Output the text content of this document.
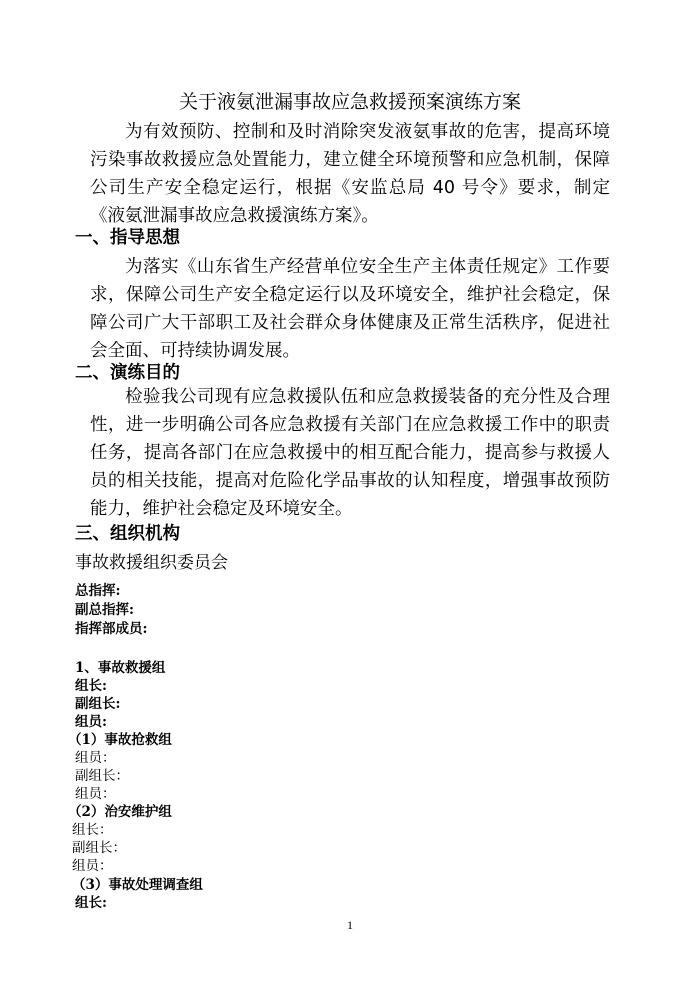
关于液氨泄漏事故应急救援预案演练方案

为有效预防、控制和及时消除突发液氨事故的危害，提高环境污染事故救援应急处置能力，建立健全环境预警和应急机制，保障公司生产安全稳定运行，根据《安监总局 40 号令》要求，制定《液氨泄漏事故应急救援演练方案》。

一、指导思想

为落实《山东省生产经营单位安全生产主体责任规定》工作要求，保障公司生产安全稳定运行以及环境安全，维护社会稳定，保障公司广大干部职工及社会群众身体健康及正常生活秩序，促进社会全面、可持续协调发展。

二、演练目的

检验我公司现有应急救援队伍和应急救援装备的充分性及合理性，进一步明确公司各应急救援有关部门在应急救援工作中的职责任务，提高各部门在应急救援中的相互配合能力，提高参与救援人员的相关技能，提高对危险化学品事故的认知程度，增强事故预防能力，维护社会稳定及环境安全。

三、组织机构
事故救援组织委员会
总指挥:
副总指挥:
指挥部成员:
1、事故救援组
组长:
副组长:
组员:
（1）事故抢救组
组员：
副组长：
组员：
（2）治安维护组
组长：
副组长：
组员：
（3）事故处理调查组
组长:
1
